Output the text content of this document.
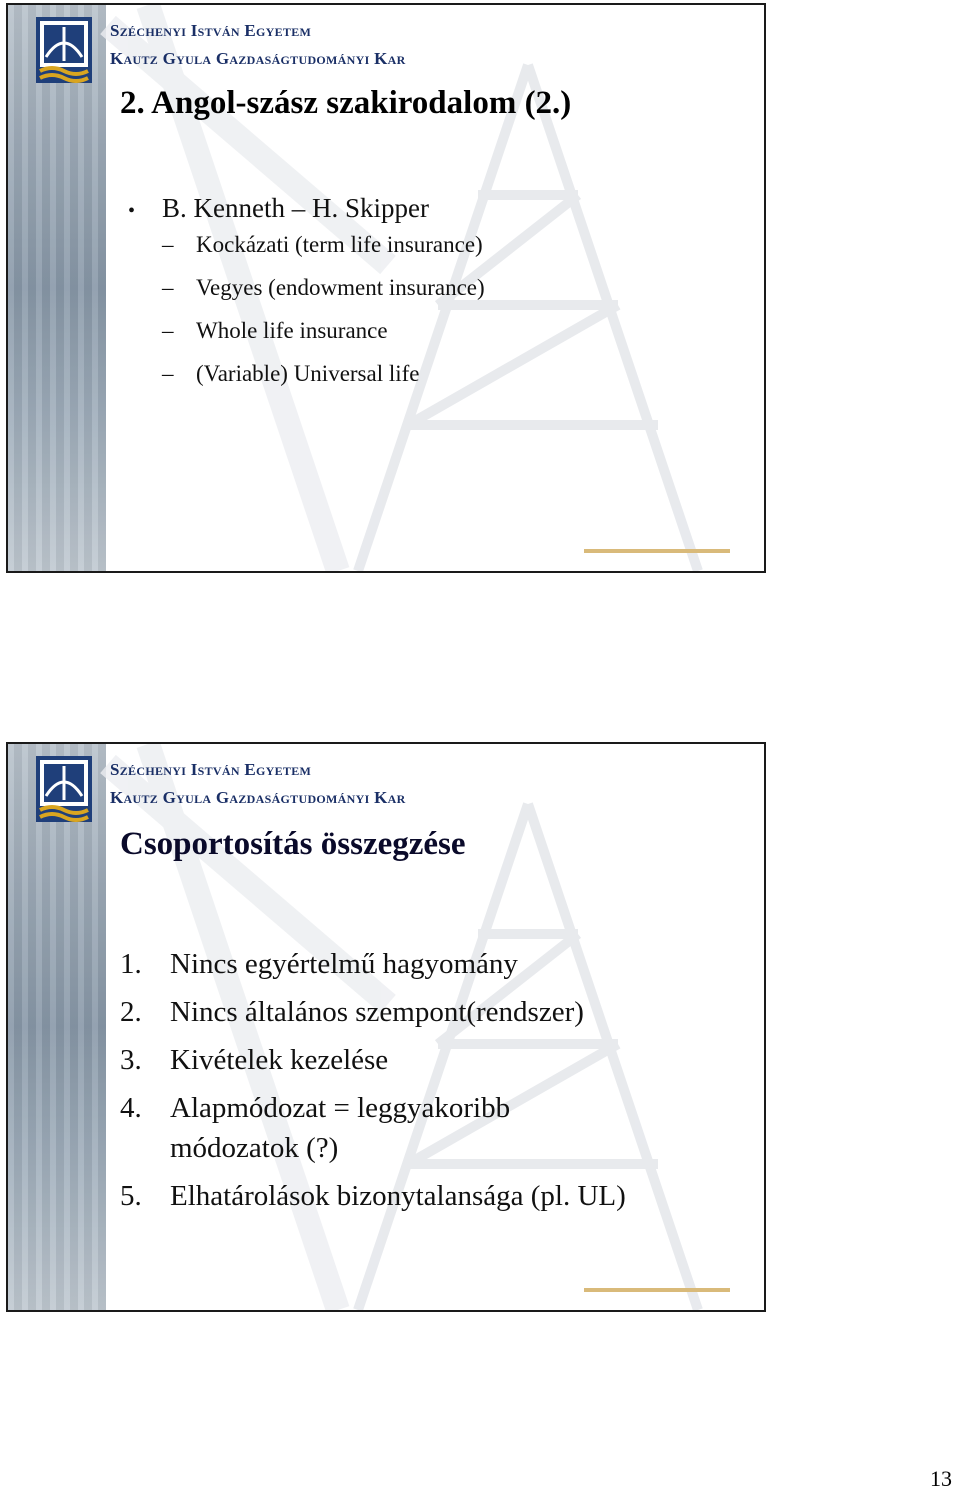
Széchenyi István Egyetem
Kautz Gyula Gazdaságtudományi Kar
2. Angol-szász szakirodalom (2.)
• B. Kenneth – H. Skipper
– Kockázati (term life insurance)
– Vegyes (endowment insurance)
– Whole life insurance
– (Variable) Universal life
Széchenyi István Egyetem
Kautz Gyula Gazdaságtudományi Kar
Csoportosítás összegzése
1. Nincs egyértelmű hagyomány
2. Nincs általános szempont(rendszer)
3. Kivételek kezelése
4. Alapmódozat = leggyakoribb módozatok (?)
5. Elhatárolások bizonytalansága (pl. UL)
13
